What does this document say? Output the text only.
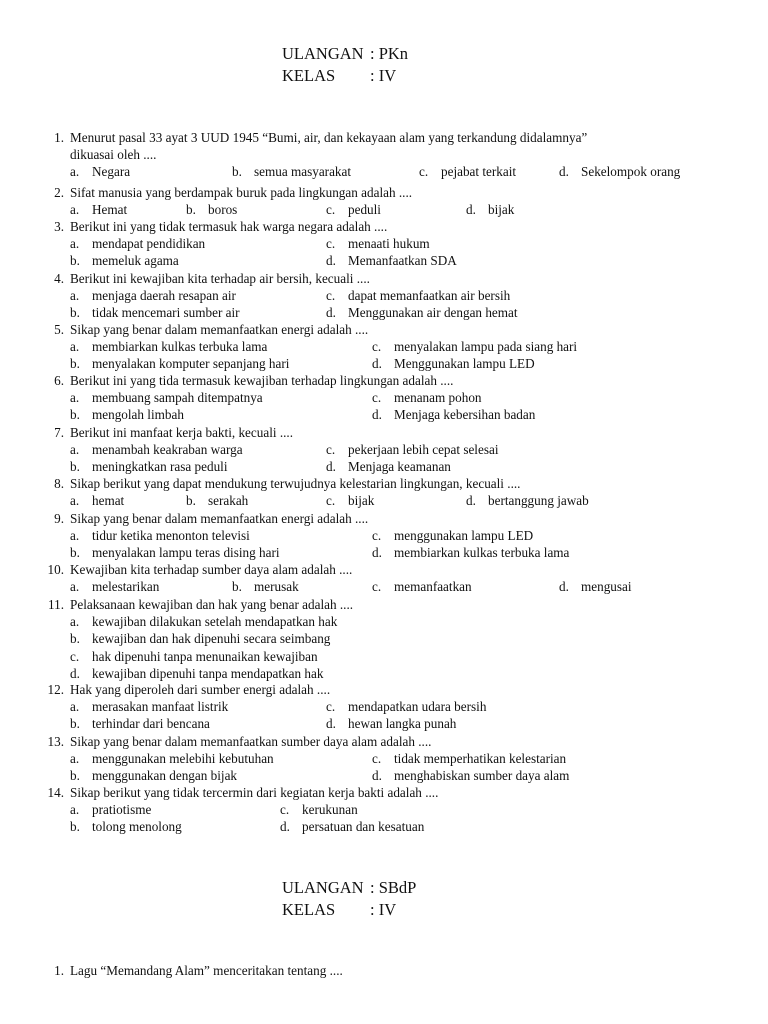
ULANGAN : PKn
KELAS	: IV
1. Menurut pasal 33 ayat 3 UUD 1945 “Bumi, air, dan kekayaan alam yang terkandung didalamnya”
dikuasai oleh ....
a. Negara	b. semua masyarakat	c. pejabat terkait	d. Sekelompok orang
2. Sifat manusia yang berdampak buruk pada lingkungan adalah ....
a. Hemat	b. boros	c. peduli	d. bijak
3. Berikut ini yang tidak termasuk hak warga negara adalah ....
a. mendapat pendidikan	c. menaati hukum
b. memeluk agama	d. Memanfaatkan SDA
4. Berikut ini kewajiban kita terhadap air bersih, kecuali ....
a. menjaga daerah resapan air	c. dapat memanfaatkan air bersih
b. tidak mencemari sumber air	d. Menggunakan air dengan hemat
5. Sikap yang benar dalam memanfaatkan energi adalah ....
a. membiarkan kulkas terbuka lama	c. menyalakan lampu pada siang hari
b. menyalakan komputer sepanjang hari	d. Menggunakan lampu LED
6. Berikut ini yang tida termasuk kewajiban terhadap lingkungan adalah ....
a. membuang sampah ditempatnya	c. menanam pohon
b. mengolah limbah	d. Menjaga kebersihan badan
7. Berikut ini manfaat kerja bakti, kecuali ....
a. menambah keakraban warga	c. pekerjaan lebih cepat selesai
b. meningkatkan rasa peduli	d. Menjaga keamanan
8. Sikap berikut yang dapat mendukung terwujudnya kelestarian lingkungan, kecuali ....
a. hemat	b. serakah	c. bijak	d. bertanggung jawab
9. Sikap yang benar dalam memanfaatkan energi adalah ....
a. tidur ketika menonton televisi	c. menggunakan lampu LED
b. menyalakan lampu teras dising hari	d. membiarkan kulkas terbuka lama
10. Kewajiban kita terhadap sumber daya alam adalah ....
a. melestarikan	b. merusak	c. memanfaatkan	d. mengusai
11. Pelaksanaan kewajiban dan hak yang benar adalah ....
a. kewajiban dilakukan setelah mendapatkan hak
b. kewajiban dan hak dipenuhi secara seimbang
c. hak dipenuhi tanpa menunaikan kewajiban
d. kewajiban dipenuhi tanpa mendapatkan hak
12. Hak yang diperoleh dari sumber energi adalah ....
a. merasakan manfaat listrik	c. mendapatkan udara bersih
b. terhindar dari bencana	d. hewan langka punah
13. Sikap yang benar dalam memanfaatkan sumber daya alam adalah ....
a. menggunakan melebihi kebutuhan	c. tidak memperhatikan kelestarian
b. menggunakan dengan bijak	d. menghabiskan sumber daya alam
14. Sikap berikut yang tidak tercermin dari kegiatan kerja bakti adalah ....
a. pratiotisme	c. kerukunan
b. tolong menolong	d. persatuan dan kesatuan
ULANGAN : SBdP
KELAS	: IV
1. Lagu “Memandang Alam” menceritakan tentang ....
